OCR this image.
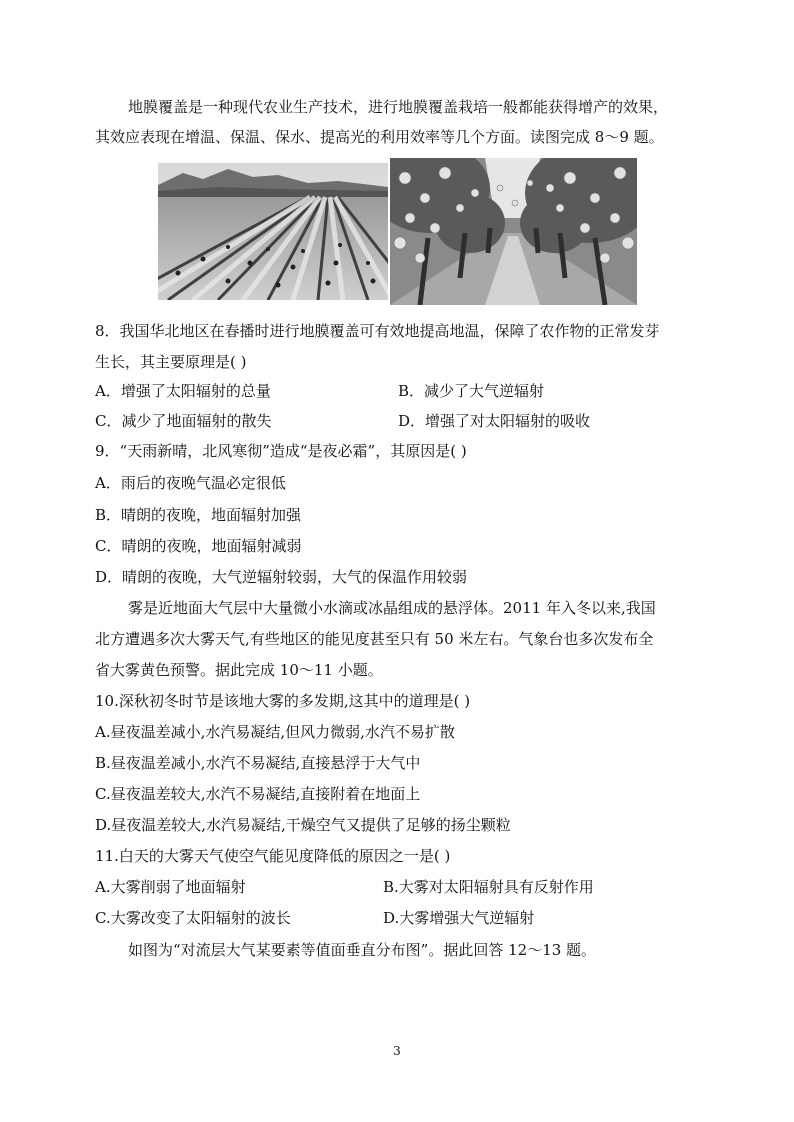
地膜覆盖是一种现代农业生产技术，进行地膜覆盖栽培一般都能获得增产的效果，
其效应表现在增温、保温、保水、提高光的利用效率等几个方面。读图完成 8～9 题。
8．我国华北地区在春播时进行地膜覆盖可有效地提高地温，保障了农作物的正常发芽
生长，其主要原理是( )
A．增强了太阳辐射的总量	B．减少了大气逆辐射
C．减少了地面辐射的散失	D．增强了对太阳辐射的吸收
9．“天雨新晴，北风寒彻”造成“是夜必霜”，其原因是( )
A．雨后的夜晚气温必定很低
B．晴朗的夜晚，地面辐射加强
C．晴朗的夜晚，地面辐射减弱
D．晴朗的夜晚，大气逆辐射较弱，大气的保温作用较弱
雾是近地面大气层中大量微小水滴或冰晶组成的悬浮体。2011 年入冬以来,我国
北方遭遇多次大雾天气,有些地区的能见度甚至只有 50 米左右。气象台也多次发布全
省大雾黄色预警。据此完成 10～11 小题。
10.深秋初冬时节是该地大雾的多发期,这其中的道理是( )
A.昼夜温差减小,水汽易凝结,但风力微弱,水汽不易扩散
B.昼夜温差减小,水汽不易凝结,直接悬浮于大气中
C.昼夜温差较大,水汽不易凝结,直接附着在地面上
D.昼夜温差较大,水汽易凝结,干燥空气又提供了足够的扬尘颗粒
11.白天的大雾天气使空气能见度降低的原因之一是( )
A.大雾削弱了地面辐射	B.大雾对太阳辐射具有反射作用
C.大雾改变了太阳辐射的波长	D.大雾增强大气逆辐射
如图为“对流层大气某要素等值面垂直分布图”。据此回答 12～13 题。
3
